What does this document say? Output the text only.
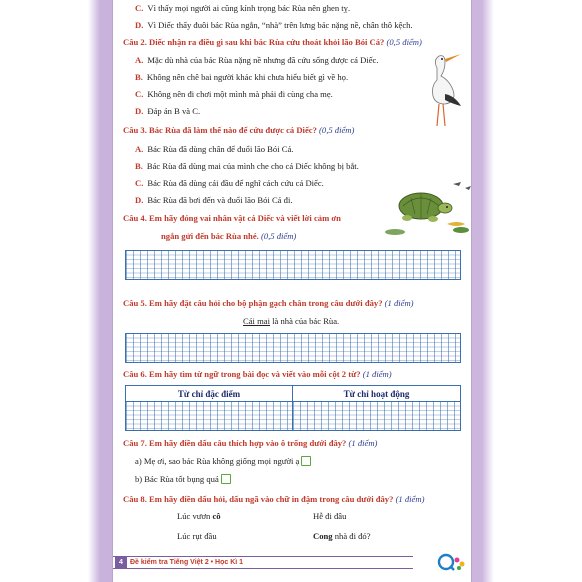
C. Vì thấy mọi người ai cũng kính trọng bác Rùa nên ghen tỵ.
D. Vì Diếc thấy đuôi bác Rùa ngắn, “nhà” trên lưng bác nặng nề, chân thô kệch.
Câu 2. Diếc nhận ra điều gì sau khi bác Rùa cứu thoát khỏi lão Bói Cá? (0,5 điểm)
A. Mặc dù nhà của bác Rùa nặng nề nhưng đã cứu sống được cá Diếc.
B. Không nên chê bai người khác khi chưa hiểu biết gì về họ.
C. Không nên đi chơi một mình mà phải đi cùng cha mẹ.
D. Đáp án B và C.
Câu 3. Bác Rùa đã làm thế nào để cứu được cá Diếc? (0,5 điểm)
A. Bác Rùa đã dùng chân để đuổi lão Bói Cá.
B. Bác Rùa đã dùng mai của mình che cho cá Diếc không bị bắt.
C. Bác Rùa đã dùng cái đầu để nghĩ cách cứu cá Diếc.
D. Bác Rùa đã bơi đến và đuổi lão Bói Cá đi.
Câu 4. Em hãy đóng vai nhân vật cá Diếc và viết lời cảm ơn
ngắn gửi đến bác Rùa nhé. (0,5 điểm)
Câu 5. Em hãy đặt câu hỏi cho bộ phận gạch chân trong câu dưới đây? (1 điểm)
Cái mai là nhà của bác Rùa.
Câu 6. Em hãy tìm từ ngữ trong bài đọc và viết vào mỗi cột 2 từ? (1 điểm)
Từ chỉ đặc điểm	Từ chỉ hoạt động
Câu 7. Em hãy điền dấu câu thích hợp vào ô trống dưới đây? (1 điểm)
a) Mẹ ơi, sao bác Rùa không giống mọi người ạ
b) Bác Rùa tốt bụng quá
Câu 8. Em hãy điền dấu hỏi, dấu ngã vào chữ in đậm trong câu dưới đây? (1 điểm)
Lúc vươn cô	Hễ đi đâu
Lúc rụt đầu	Cong nhà đi đó?
4	Đề kiểm tra Tiếng Việt 2 • Học Kì 1
